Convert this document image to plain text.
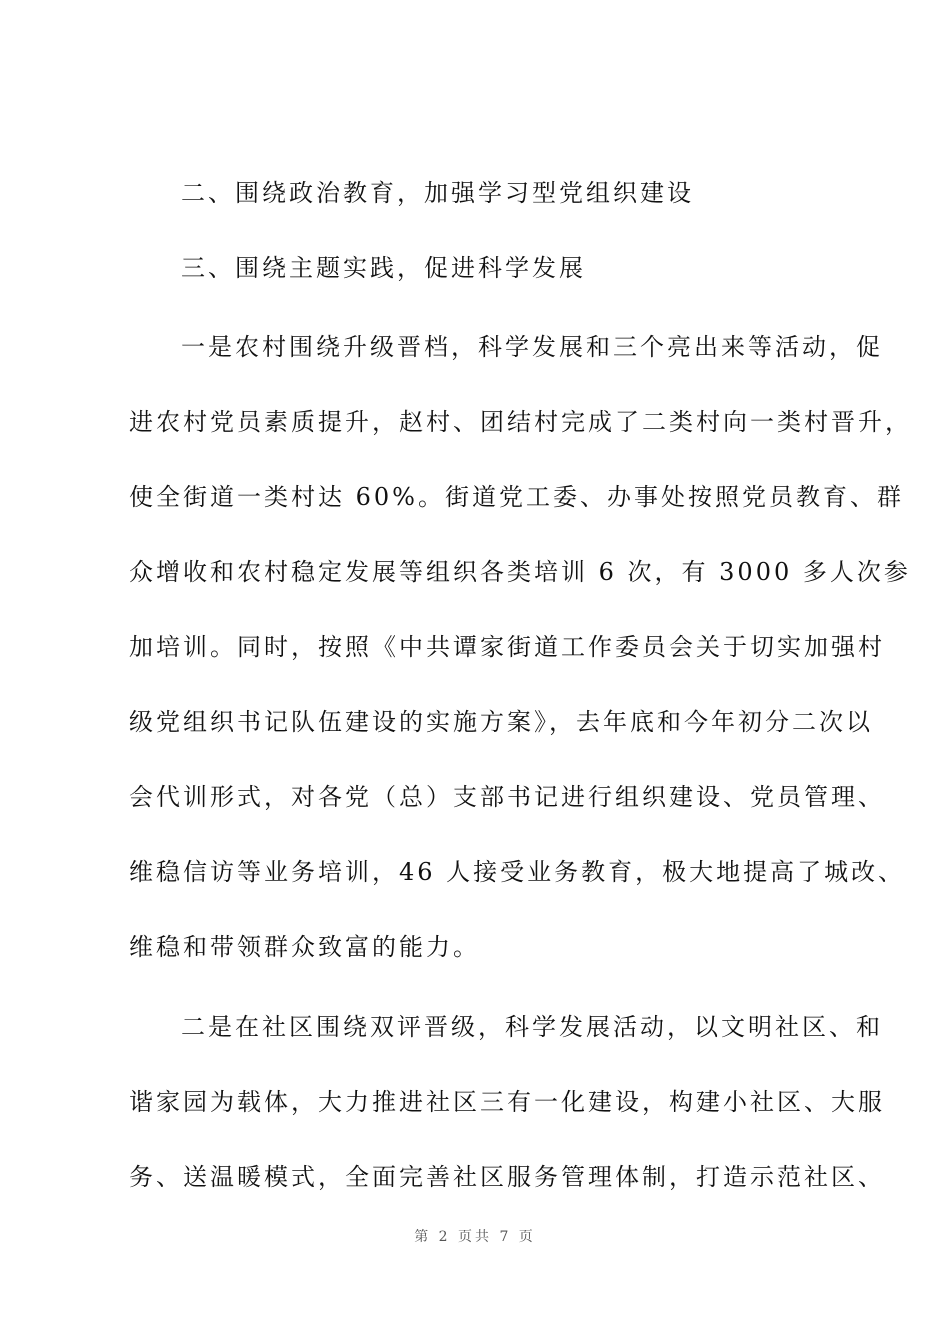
二、围绕政治教育，加强学习型党组织建设
三、围绕主题实践，促进科学发展
一是农村围绕升级晋档，科学发展和三个亮出来等活动，促
进农村党员素质提升，赵村、团结村完成了二类村向一类村晋升，
使全街道一类村达 60%。街道党工委、办事处按照党员教育、群
众增收和农村稳定发展等组织各类培训 6 次，有 3000 多人次参
加培训。同时，按照《中共谭家街道工作委员会关于切实加强村
级党组织书记队伍建设的实施方案》，去年底和今年初分二次以
会代训形式，对各党（总）支部书记进行组织建设、党员管理、
维稳信访等业务培训，46 人接受业务教育，极大地提高了城改、
维稳和带领群众致富的能力。
二是在社区围绕双评晋级，科学发展活动，以文明社区、和
谐家园为载体，大力推进社区三有一化建设，构建小社区、大服
务、送温暖模式，全面完善社区服务管理体制，打造示范社区、
第 2 页共 7 页
